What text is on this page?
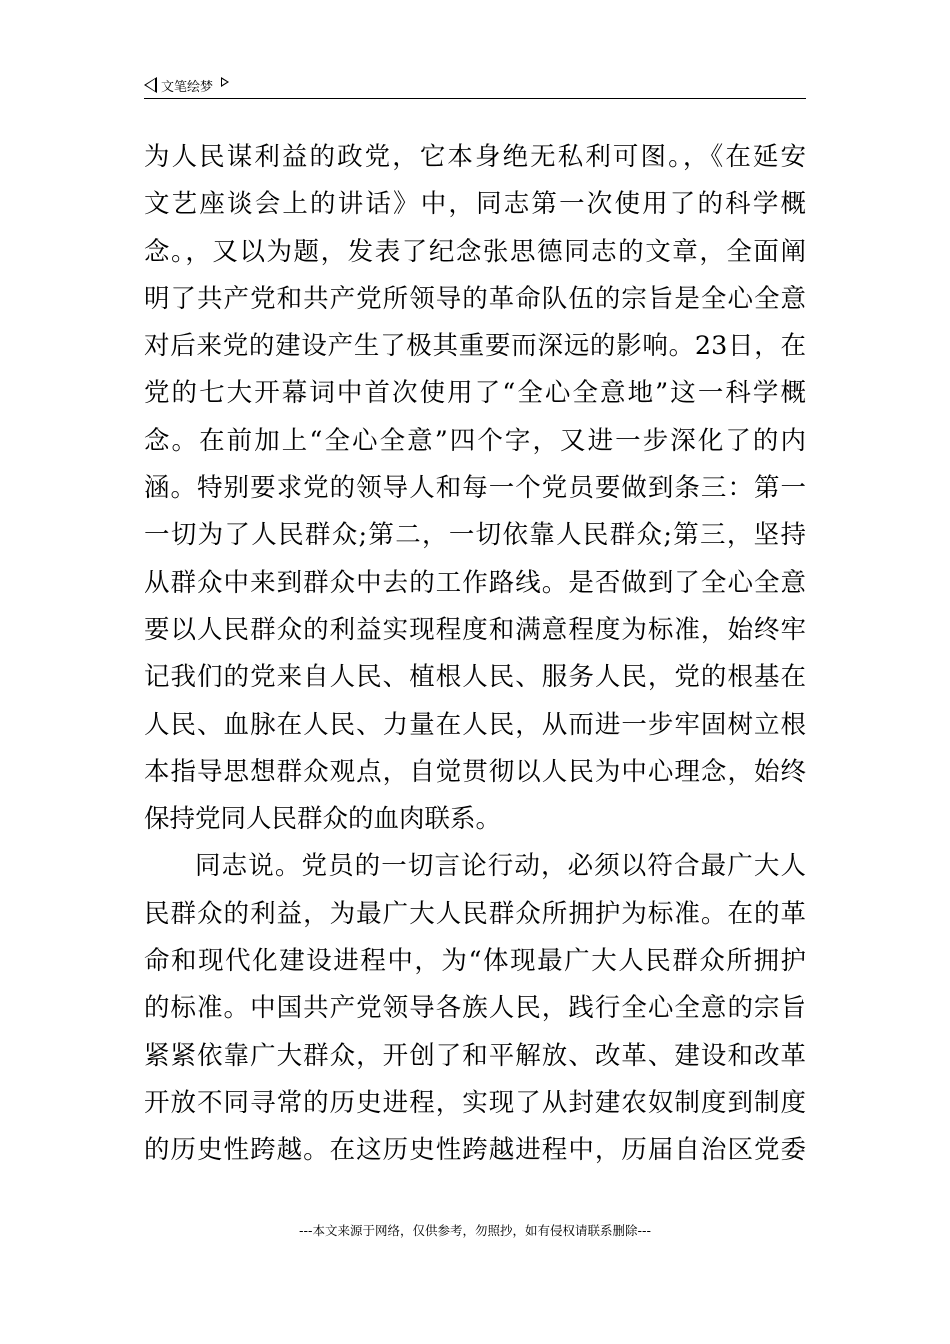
文笔绘梦
为人民谋利益的政党，它本身绝无私利可图。，《在延安
文艺座谈会上的讲话》中，同志第一次使用了的科学概
念。，又以为题，发表了纪念张思德同志的文章，全面阐
明了共产党和共产党所领导的革命队伍的宗旨是全心全意
对后来党的建设产生了极其重要而深远的影响。23日，在
党的七大开幕词中首次使用了“全心全意地”这一科学概
念。在前加上“全心全意”四个字，又进一步深化了的内
涵。特别要求党的领导人和每一个党员要做到条三：第一
一切为了人民群众;第二，一切依靠人民群众;第三，坚持
从群众中来到群众中去的工作路线。是否做到了全心全意
要以人民群众的利益实现程度和满意程度为标准，始终牢
记我们的党来自人民、植根人民、服务人民，党的根基在
人民、血脉在人民、力量在人民，从而进一步牢固树立根
本指导思想群众观点，自觉贯彻以人民为中心理念，始终
保持党同人民群众的血肉联系。
同志说。党员的一切言论行动，必须以符合最广大人
民群众的利益，为最广大人民群众所拥护为标准。在的革
命和现代化建设进程中，为“体现最广大人民群众所拥护
的标准。中国共产党领导各族人民，践行全心全意的宗旨
紧紧依靠广大群众，开创了和平解放、改革、建设和改革
开放不同寻常的历史进程，实现了从封建农奴制度到制度
的历史性跨越。在这历史性跨越进程中，历届自治区党委
---本文来源于网络，仅供参考，勿照抄，如有侵权请联系删除---
